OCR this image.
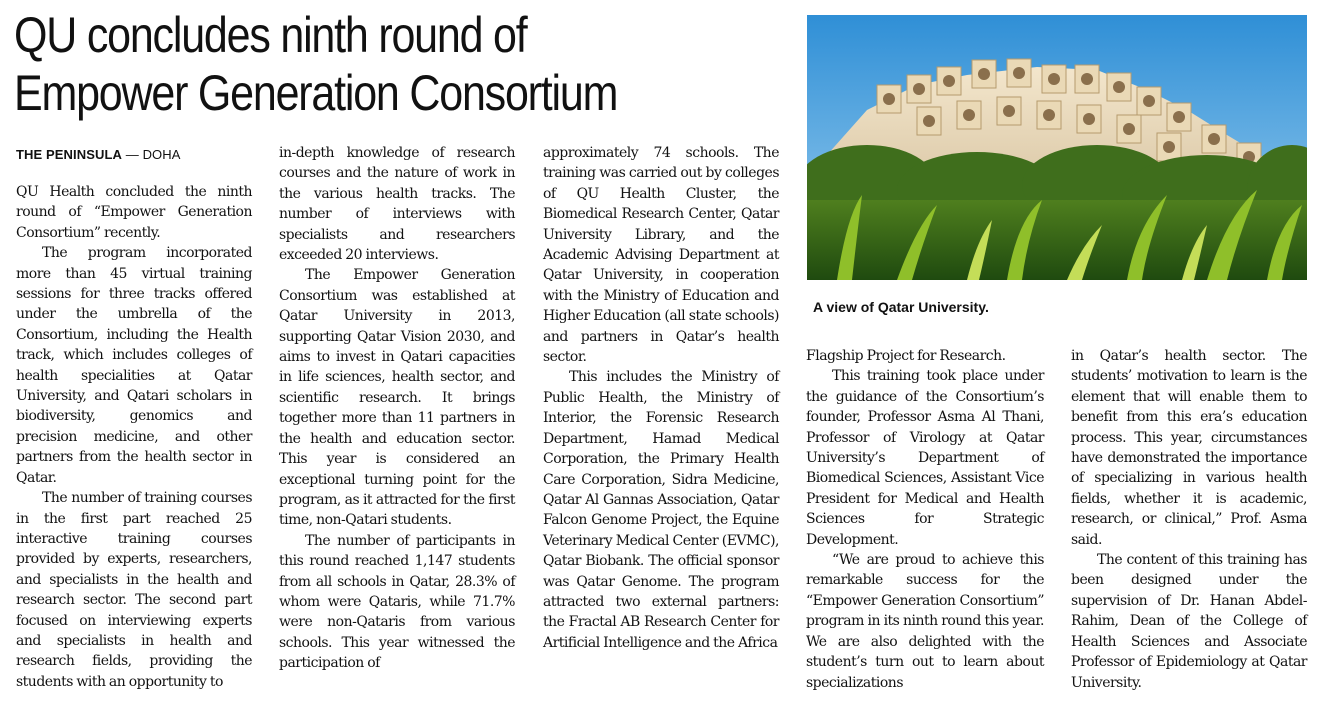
QU concludes ninth round of
Empower Generation Consortium
THE PENINSULA — DOHA

QU Health concluded the ninth round of “Empower Generation Consortium” recently.

The program incorporated more than 45 virtual training sessions for three tracks offered under the umbrella of the Consortium, including the Health track, which includes colleges of health specialities at Qatar University, and Qatari scholars in biodiversity, genomics and precision medicine, and other partners from the health sector in Qatar.

The number of training courses in the first part reached 25 interactive training courses provided by experts, researchers, and specialists in the health and research sector. The second part focused on interviewing experts and specialists in health and research fields, providing the students with an opportunity to

in-depth knowledge of research courses and the nature of work in the various health tracks. The number of interviews with specialists and researchers exceeded 20 interviews.

The Empower Generation Consortium was established at Qatar University in 2013, supporting Qatar Vision 2030, and aims to invest in Qatari capacities in life sciences, health sector, and scientific research. It brings together more than 11 partners in the health and education sector. This year is considered an exceptional turning point for the program, as it attracted for the first time, non-Qatari students.

The number of participants in this round reached 1,147 students from all schools in Qatar, 28.3% of whom were Qataris, while 71.7% were non-Qataris from various schools. This year witnessed the participation of

approximately 74 schools. The training was carried out by colleges of QU Health Cluster, the Biomedical Research Center, Qatar University Library, and the Academic Advising Department at Qatar University, in cooperation with the Ministry of Education and Higher Education (all state schools) and partners in Qatar’s health sector.

This includes the Ministry of Public Health, the Ministry of Interior, the Forensic Research Department, Hamad Medical Corporation, the Primary Health Care Corporation, Sidra Medicine, Qatar Al Gannas Association, Qatar Falcon Genome Project, the Equine Veterinary Medical Center (EVMC), Qatar Biobank. The official sponsor was Qatar Genome. The program attracted two external partners: the Fractal AB Research Center for Artificial Intelligence and the Africa

A view of Qatar University.

Flagship Project for Research.

This training took place under the guidance of the Consortium’s founder, Professor Asma Al Thani, Professor of Virology at Qatar University’s Department of Biomedical Sciences, Assistant Vice President for Medical and Health Sciences for Strategic Development.

“We are proud to achieve this remarkable success for the “Empower Generation Consortium” program in its ninth round this year. We are also delighted with the student’s turn out to learn about specializations

in Qatar’s health sector. The students’ motivation to learn is the element that will enable them to benefit from this era’s education process. This year, circumstances have demonstrated the importance of specializing in various health fields, whether it is academic, research, or clinical,” Prof. Asma said.

The content of this training has been designed under the supervision of Dr. Hanan Abdel-Rahim, Dean of the College of Health Sciences and Associate Professor of Epidemiology at Qatar University.
